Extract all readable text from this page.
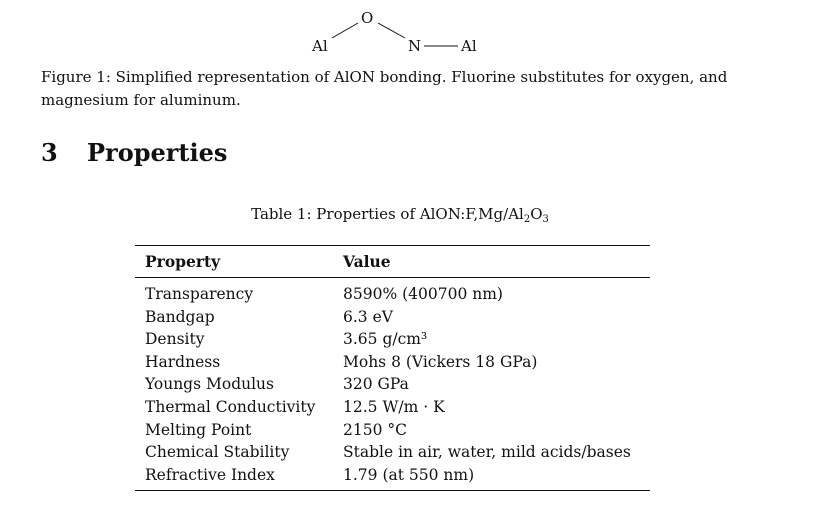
Al
O
N	Al
Figure 1: Simplified representation of AlON bonding. Fluorine substitutes for oxygen, and magnesium for aluminum.
3 Properties
Table 1: Properties of $AlON:F,Mg/Al_2O_3$
Property	Value
Transparency	8590% (400700 nm)
Bandgap	6.3 eV
Density	3.65 g/cm³
Hardness	Mohs 8 (Vickers 18 GPa)
Youngs Modulus	320 GPa
Thermal Conductivity	12.5 W/m · K
Melting Point	2150 °C
Chemical Stability	Stable in air, water, mild acids/bases
Refractive Index	1.79 (at 550 nm)
